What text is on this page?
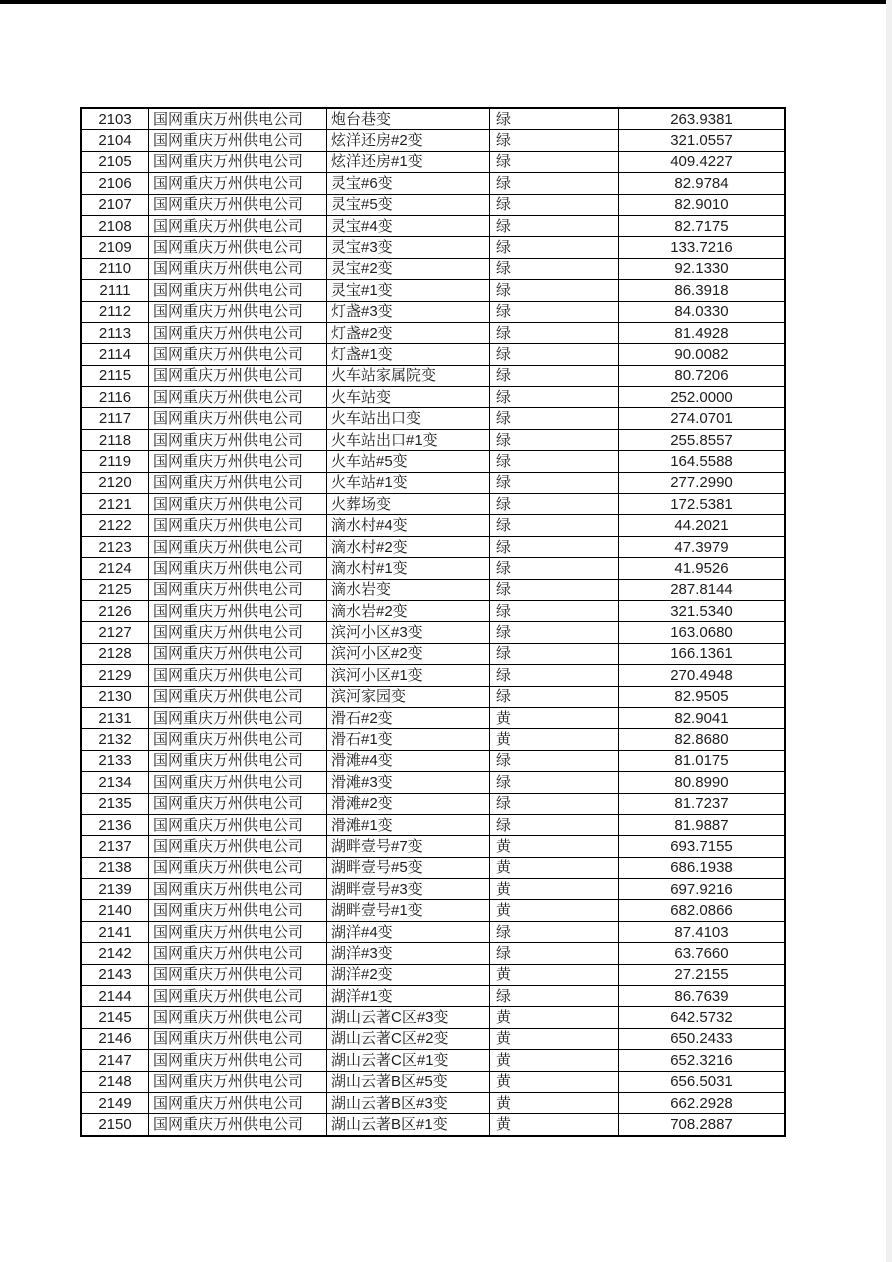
2103	国网重庆万州供电公司	炮台巷变	绿	263.9381
2104	国网重庆万州供电公司	炫洋还房#2变	绿	321.0557
2105	国网重庆万州供电公司	炫洋还房#1变	绿	409.4227
2106	国网重庆万州供电公司	灵宝#6变	绿	82.9784
2107	国网重庆万州供电公司	灵宝#5变	绿	82.9010
2108	国网重庆万州供电公司	灵宝#4变	绿	82.7175
2109	国网重庆万州供电公司	灵宝#3变	绿	133.7216
2110	国网重庆万州供电公司	灵宝#2变	绿	92.1330
2111	国网重庆万州供电公司	灵宝#1变	绿	86.3918
2112	国网重庆万州供电公司	灯盏#3变	绿	84.0330
2113	国网重庆万州供电公司	灯盏#2变	绿	81.4928
2114	国网重庆万州供电公司	灯盏#1变	绿	90.0082
2115	国网重庆万州供电公司	火车站家属院变	绿	80.7206
2116	国网重庆万州供电公司	火车站变	绿	252.0000
2117	国网重庆万州供电公司	火车站出口变	绿	274.0701
2118	国网重庆万州供电公司	火车站出口#1变	绿	255.8557
2119	国网重庆万州供电公司	火车站#5变	绿	164.5588
2120	国网重庆万州供电公司	火车站#1变	绿	277.2990
2121	国网重庆万州供电公司	火葬场变	绿	172.5381
2122	国网重庆万州供电公司	滴水村#4变	绿	44.2021
2123	国网重庆万州供电公司	滴水村#2变	绿	47.3979
2124	国网重庆万州供电公司	滴水村#1变	绿	41.9526
2125	国网重庆万州供电公司	滴水岩变	绿	287.8144
2126	国网重庆万州供电公司	滴水岩#2变	绿	321.5340
2127	国网重庆万州供电公司	滨河小区#3变	绿	163.0680
2128	国网重庆万州供电公司	滨河小区#2变	绿	166.1361
2129	国网重庆万州供电公司	滨河小区#1变	绿	270.4948
2130	国网重庆万州供电公司	滨河家园变	绿	82.9505
2131	国网重庆万州供电公司	滑石#2变	黄	82.9041
2132	国网重庆万州供电公司	滑石#1变	黄	82.8680
2133	国网重庆万州供电公司	滑滩#4变	绿	81.0175
2134	国网重庆万州供电公司	滑滩#3变	绿	80.8990
2135	国网重庆万州供电公司	滑滩#2变	绿	81.7237
2136	国网重庆万州供电公司	滑滩#1变	绿	81.9887
2137	国网重庆万州供电公司	湖畔壹号#7变	黄	693.7155
2138	国网重庆万州供电公司	湖畔壹号#5变	黄	686.1938
2139	国网重庆万州供电公司	湖畔壹号#3变	黄	697.9216
2140	国网重庆万州供电公司	湖畔壹号#1变	黄	682.0866
2141	国网重庆万州供电公司	湖洋#4变	绿	87.4103
2142	国网重庆万州供电公司	湖洋#3变	绿	63.7660
2143	国网重庆万州供电公司	湖洋#2变	黄	27.2155
2144	国网重庆万州供电公司	湖洋#1变	绿	86.7639
2145	国网重庆万州供电公司	湖山云著C区#3变	黄	642.5732
2146	国网重庆万州供电公司	湖山云著C区#2变	黄	650.2433
2147	国网重庆万州供电公司	湖山云著C区#1变	黄	652.3216
2148	国网重庆万州供电公司	湖山云著B区#5变	黄	656.5031
2149	国网重庆万州供电公司	湖山云著B区#3变	黄	662.2928
2150	国网重庆万州供电公司	湖山云著B区#1变	黄	708.2887
